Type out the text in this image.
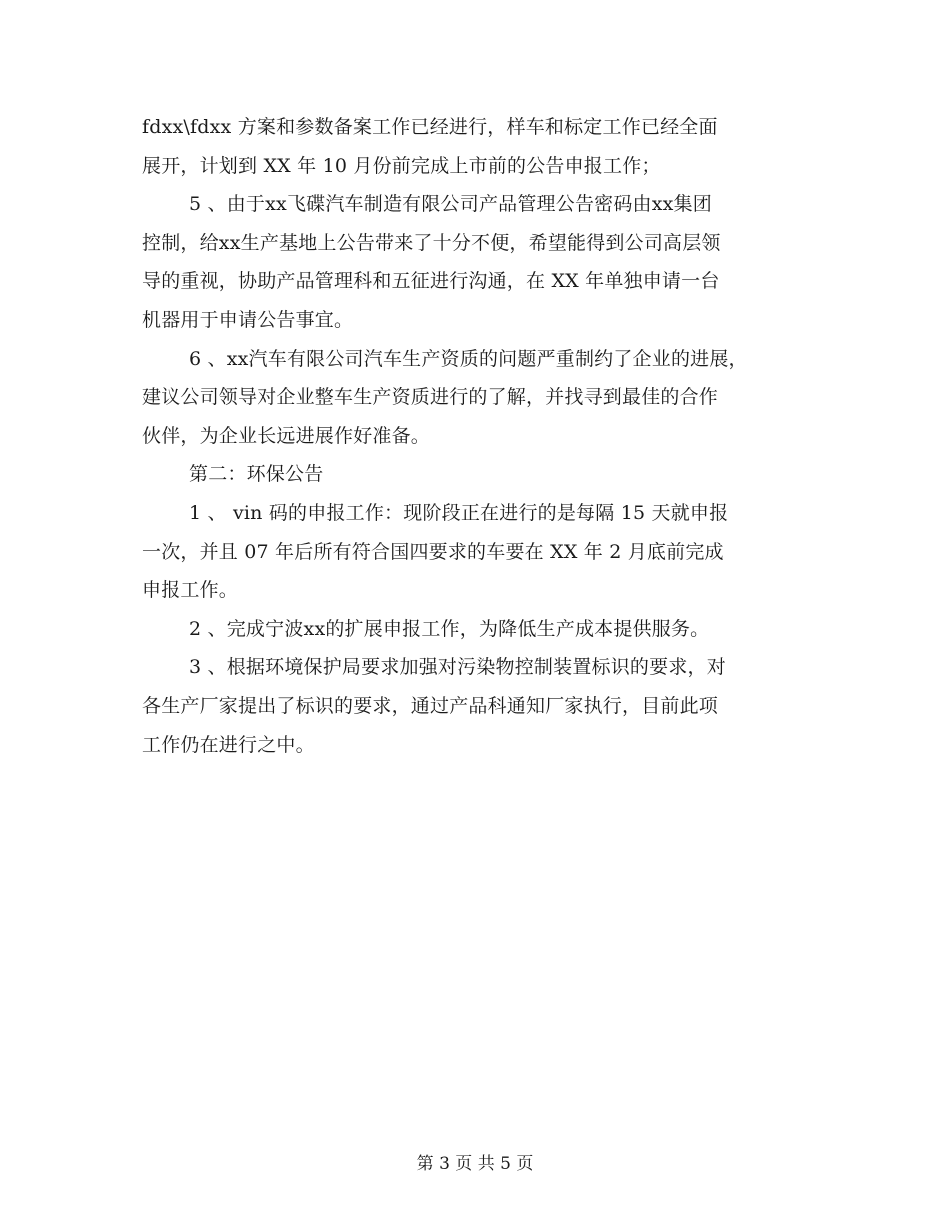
fdxx\fdxx 方案和参数备案工作已经进行，样车和标定工作已经全面
展开，计划到 XX 年 10 月份前完成上市前的公告申报工作；
5 、由于xx飞碟汽车制造有限公司产品管理公告密码由xx集团
控制，给xx生产基地上公告带来了十分不便，希望能得到公司高层领
导的重视，协助产品管理科和五征进行沟通，在 XX 年单独申请一台
机器用于申请公告事宜。
6 、xx汽车有限公司汽车生产资质的问题严重制约了企业的进展，
建议公司领导对企业整车生产资质进行的了解，并找寻到最佳的合作
伙伴，为企业长远进展作好准备。
第二：环保公告
1 、 vin 码的申报工作：现阶段正在进行的是每隔 15 天就申报
一次，并且 07 年后所有符合国四要求的车要在 XX 年 2 月底前完成
申报工作。
2 、完成宁波xx的扩展申报工作，为降低生产成本提供服务。
3 、根据环境保护局要求加强对污染物控制装置标识的要求，对
各生产厂家提出了标识的要求，通过产品科通知厂家执行，目前此项
工作仍在进行之中。
第 3 页 共 5 页
